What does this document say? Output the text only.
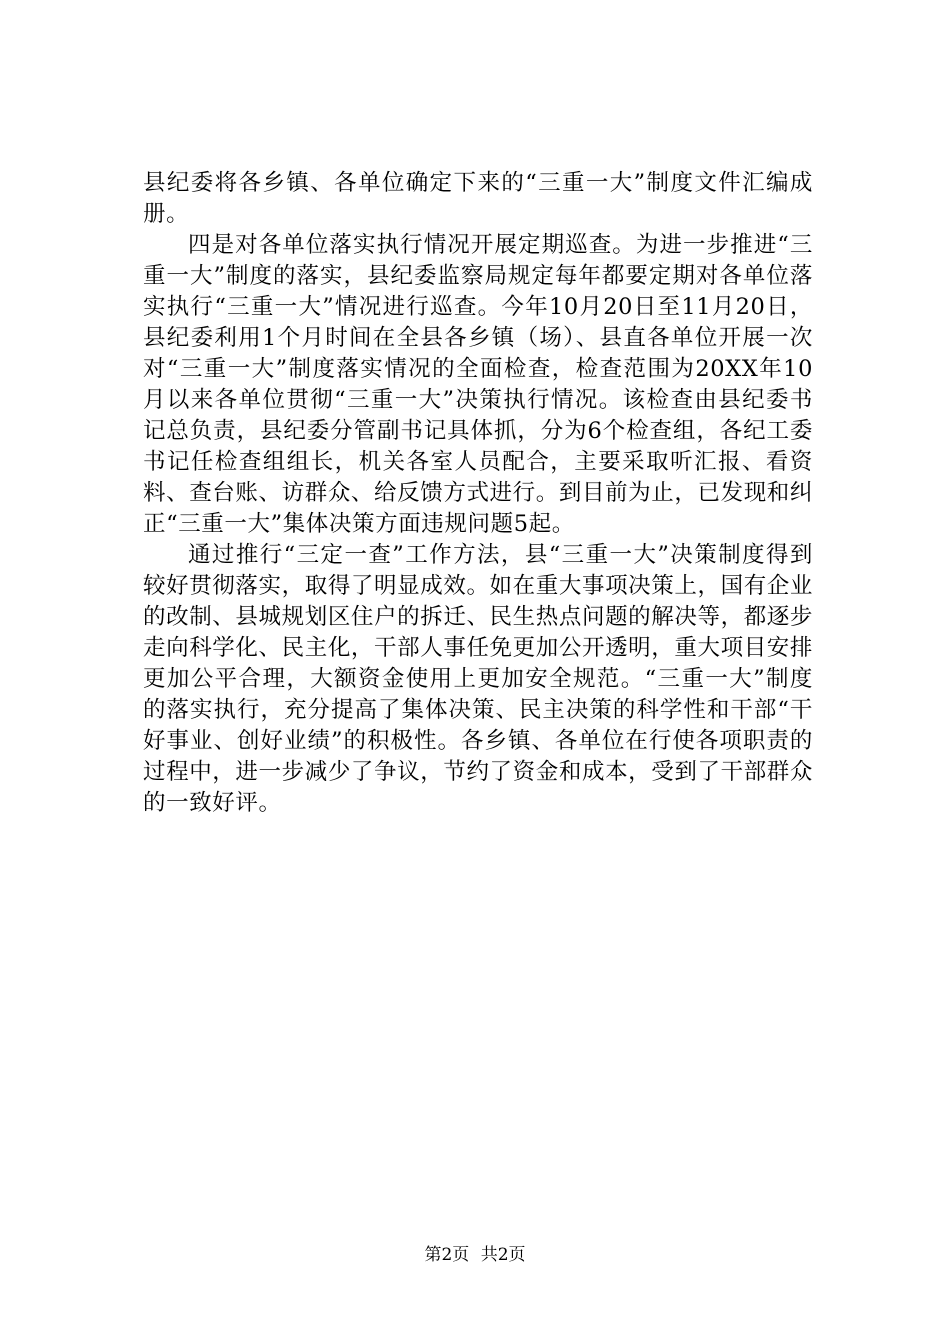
县纪委将各乡镇、各单位确定下来的“三重一大”制度文件汇编成册。

四是对各单位落实执行情况开展定期巡查。为进一步推进“三重一大”制度的落实，县纪委监察局规定每年都要定期对各单位落实执行“三重一大”情况进行巡查。今年10月20日至11月20日，县纪委利用1个月时间在全县各乡镇（场）、县直各单位开展一次对“三重一大”制度落实情况的全面检查，检查范围为20XX年10月以来各单位贯彻“三重一大”决策执行情况。该检查由县纪委书记总负责，县纪委分管副书记具体抓，分为6个检查组，各纪工委书记任检查组组长，机关各室人员配合，主要采取听汇报、看资料、查台账、访群众、给反馈方式进行。到目前为止，已发现和纠正“三重一大”集体决策方面违规问题5起。

通过推行“三定一查”工作方法，县“三重一大”决策制度得到较好贯彻落实，取得了明显成效。如在重大事项决策上，国有企业的改制、县城规划区住户的拆迁、民生热点问题的解决等，都逐步走向科学化、民主化，干部人事任免更加公开透明，重大项目安排更加公平合理，大额资金使用上更加安全规范。“三重一大”制度的落实执行，充分提高了集体决策、民主决策的科学性和干部“干好事业、创好业绩”的积极性。各乡镇、各单位在行使各项职责的过程中，进一步减少了争议，节约了资金和成本，受到了干部群众的一致好评。

第2页 共2页
